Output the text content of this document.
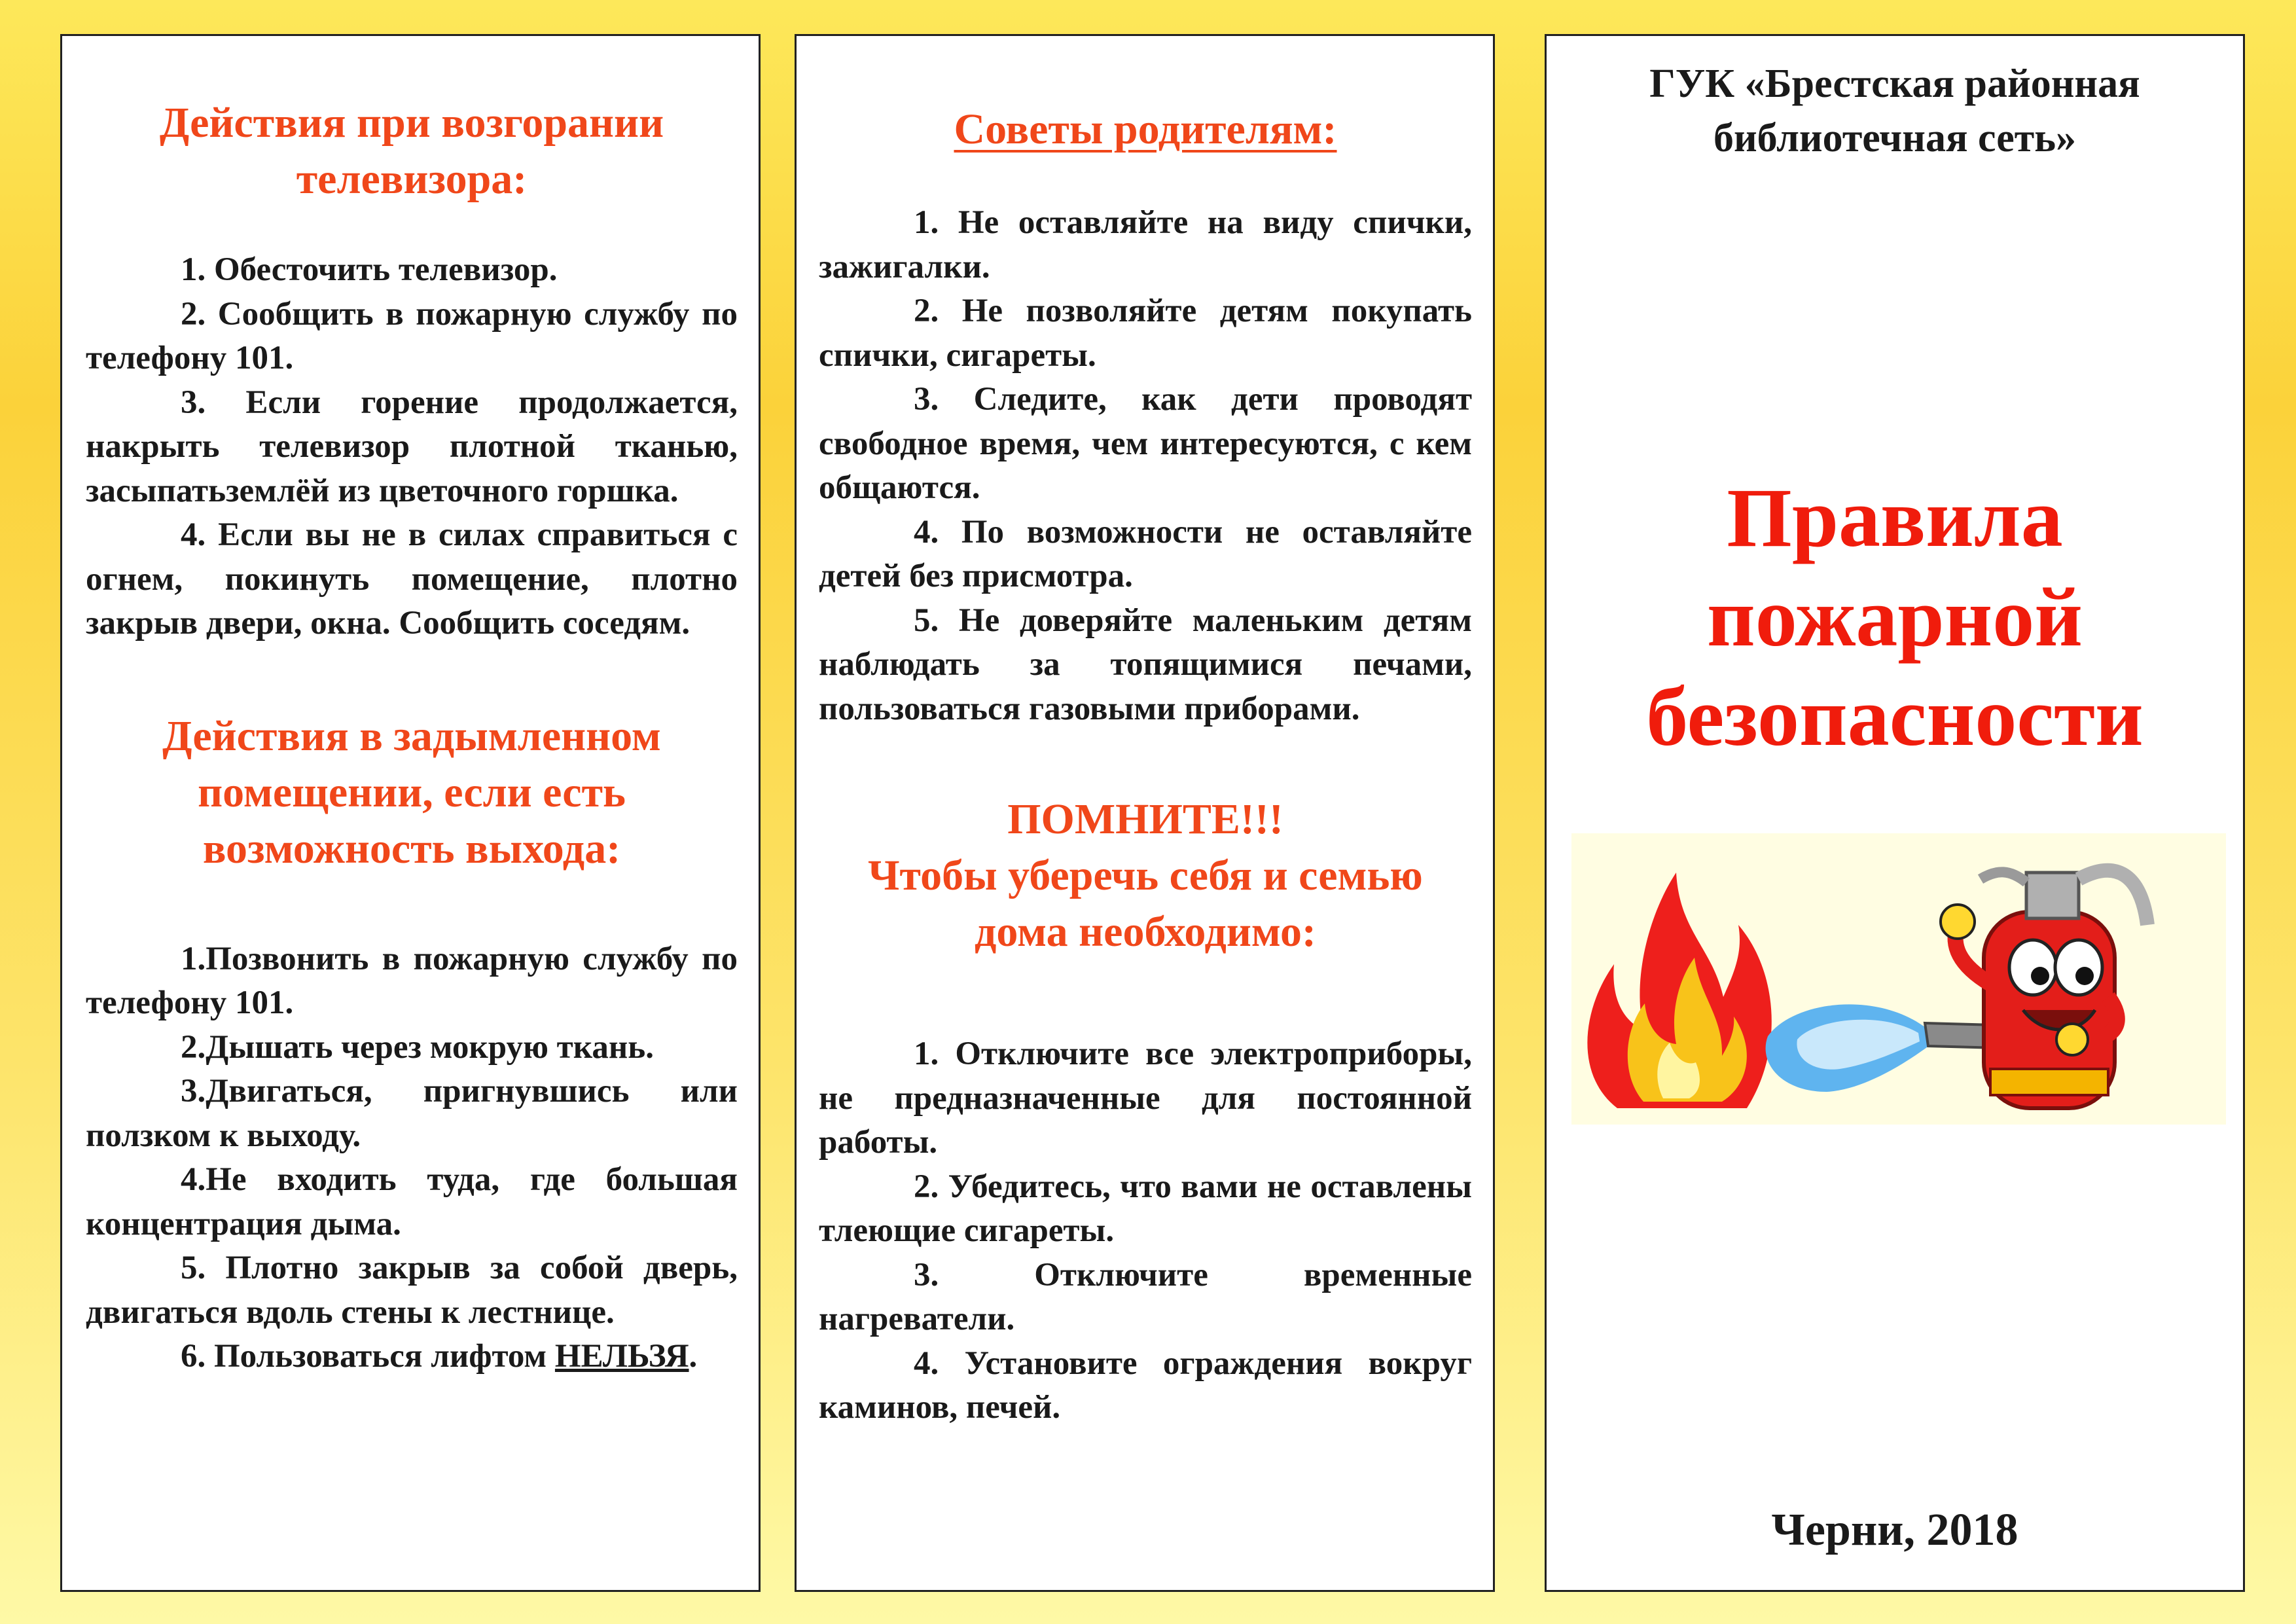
Действия при возгорании телевизора:
1. Обесточить телевизор.
2. Сообщить в пожарную службу по телефону 101.
3. Если горение продолжается, накрыть телевизор плотной тканью, засыпатьземлёй из цветочного горшка.
4. Если вы не в силах справиться с огнем, покинуть помещение, плотно закрыв двери, окна. Сообщить соседям.
Действия в задымленном помещении, если есть возможность выхода:
1.Позвонить в пожарную службу по телефону 101.
2.Дышать через мокрую ткань.
3.Двигаться, пригнувшись или ползком к выходу.
4.Не входить туда, где большая концентрация дыма.
5. Плотно закрыв за собой дверь, двигаться вдоль стены к лестнице.
6. Пользоваться лифтом НЕЛЬЗЯ.
Советы родителям:
1. Не оставляйте на виду спички, зажигалки.
2. Не позволяйте детям покупать спички, сигареты.
3. Следите, как дети проводят свободное время, чем интересуются, с кем общаются.
4. По возможности не оставляйте детей без присмотра.
5. Не доверяйте маленьким детям наблюдать за топящимися печами, пользоваться газовыми приборами.
ПОМНИТЕ!!!
Чтобы уберечь себя и семью дома необходимо:
1. Отключите все электроприборы, не предназначенные для постоянной работы.
2. Убедитесь, что вами не оставлены тлеющие сигареты.
3. Отключите временные нагреватели.
4. Установите ограждения вокруг каминов, печей.
ГУК «Брестская районная библиотечная сеть»
Правила пожарной безопасности
Черни, 2018
